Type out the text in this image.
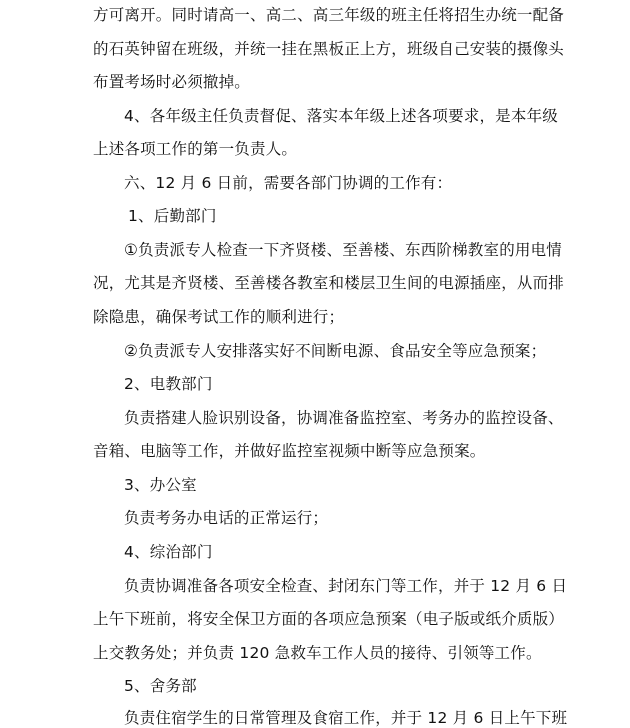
方可离开。同时请高一、高二、高三年级的班主任将招生办统一配备
的石英钟留在班级，并统一挂在黑板正上方，班级自己安装的摄像头
布置考场时必须撤掉。
4、各年级主任负责督促、落实本年级上述各项要求，是本年级
上述各项工作的第一负责人。
六、12 月 6 日前，需要各部门协调的工作有：
1、后勤部门
①负责派专人检查一下齐贤楼、至善楼、东西阶梯教室的用电情
况，尤其是齐贤楼、至善楼各教室和楼层卫生间的电源插座，从而排
除隐患，确保考试工作的顺利进行；
②负责派专人安排落实好不间断电源、食品安全等应急预案；
2、电教部门
负责搭建人脸识别设备，协调准备监控室、考务办的监控设备、
音箱、电脑等工作，并做好监控室视频中断等应急预案。
3、办公室
负责考务办电话的正常运行；
4、综治部门
负责协调准备各项安全检查、封闭东门等工作，并于 12 月 6 日
上午下班前，将安全保卫方面的各项应急预案（电子版或纸介质版）
上交教务处；并负责 120 急救车工作人员的接待、引领等工作。
5、舍务部
负责住宿学生的日常管理及食宿工作，并于 12 月 6 日上午下班
